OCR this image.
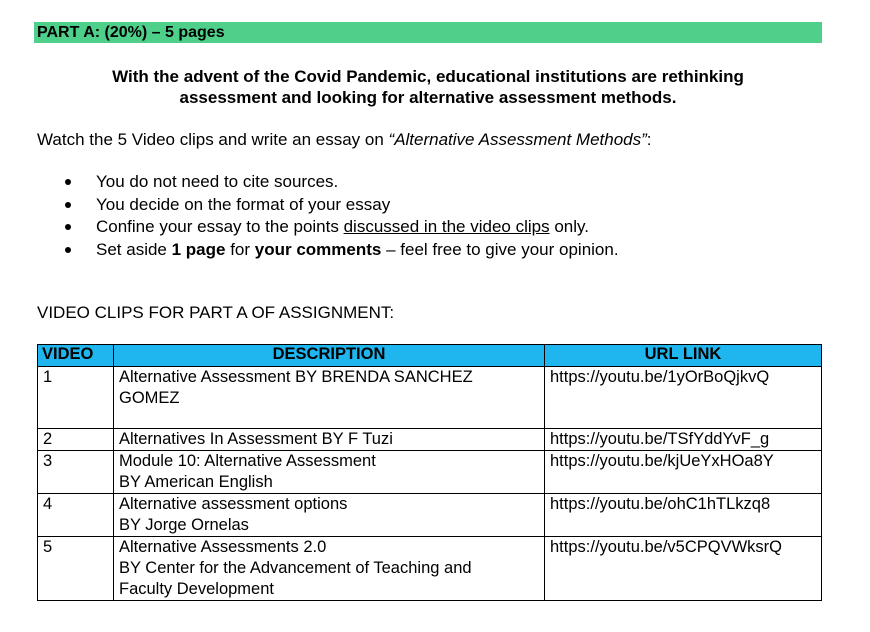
PART A: (20%) – 5 pages
With the advent of the Covid Pandemic, educational institutions are rethinking
assessment and looking for alternative assessment methods.
Watch the 5 Video clips and write an essay on “Alternative Assessment Methods”:
You do not need to cite sources.
You decide on the format of your essay
Confine your essay to the points discussed in the video clips only.
Set aside 1 page for your comments – feel free to give your opinion.
VIDEO CLIPS FOR PART A OF ASSIGNMENT:
VIDEO	DESCRIPTION	URL LINK
1	Alternative Assessment BY BRENDA SANCHEZ
GOMEZ	https://youtu.be/1yOrBoQjkvQ
2	Alternatives In Assessment BY F Tuzi	https://youtu.be/TSfYddYvF_g
3	Module 10: Alternative Assessment
BY American English	https://youtu.be/kjUeYxHOa8Y
4	Alternative assessment options
BY Jorge Ornelas	https://youtu.be/ohC1hTLkzq8
5	Alternative Assessments 2.0
BY Center for the Advancement of Teaching and
Faculty Development	https://youtu.be/v5CPQVWksrQ
